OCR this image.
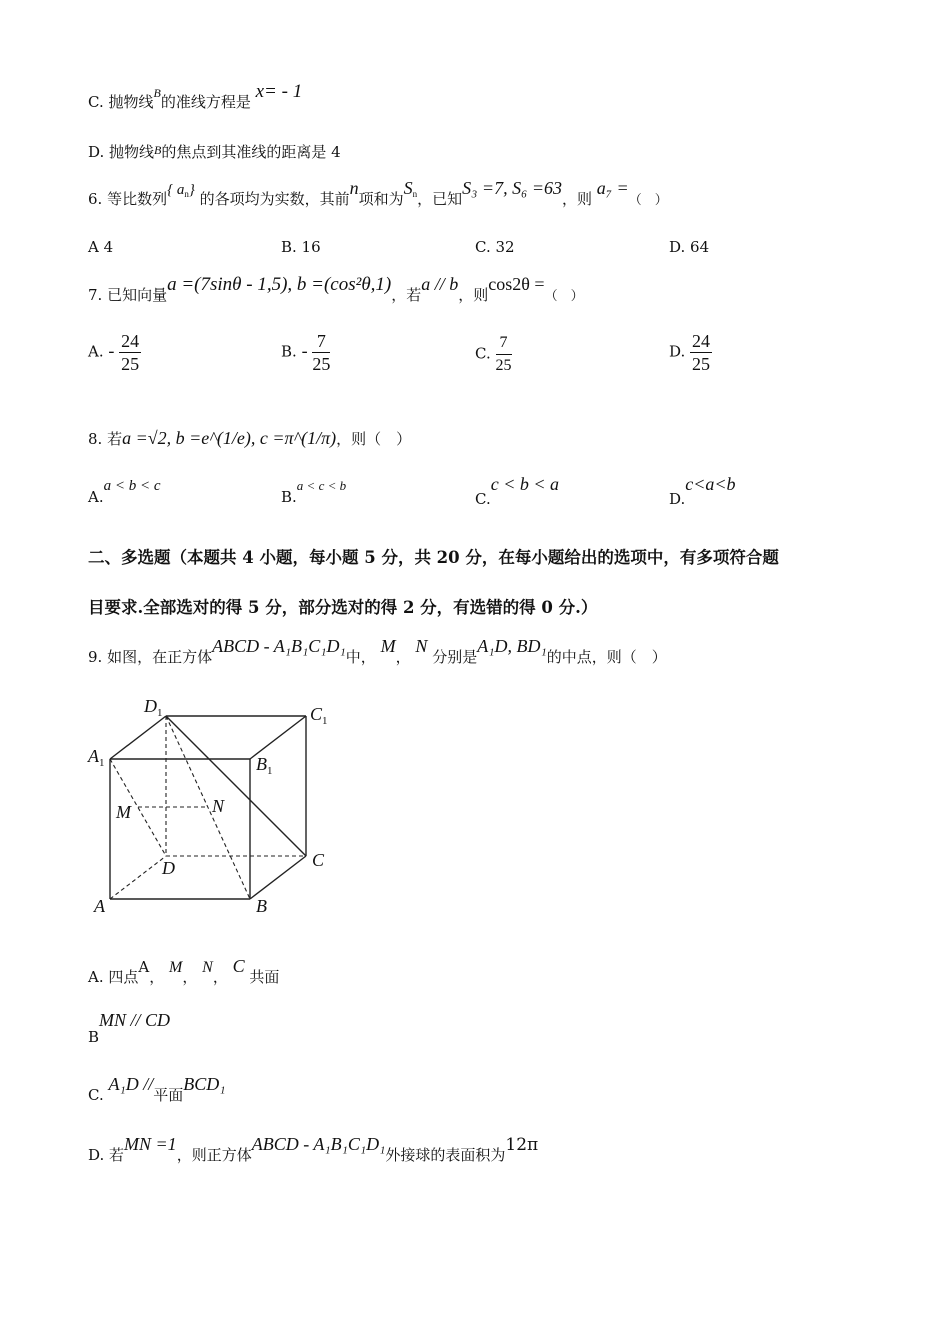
C. 抛物线$^B$的准线方程是 x= - 1
D. 抛物线$^B$的焦点到其准线的距离是 4
6. 等比数列{ $a_n$} 的各项均为实数，其前n项和为$S_n$，已知S₃ =7, S₆ =63，则 a₇ =（　）
A 4	B. 16	C. 32	D. 64
7. 已知向量a =(7sinθ - 1,5), b =(cos²θ,1)，若a // b，则cos2θ =（　）
A. - $\frac{24}{25}$	B. - $\frac{7}{25}$	C. $\frac{7}{25}$	D. $\frac{24}{25}$
8. 若a =√2, b =e^(1/e), c =π^(1/π)，则（　）
A.a < b < c
B.a < c < b
C.c < b < a
D.c<a<b
二、多选题（本题共 4 小题，每小题 5 分，共 20 分，在每小题给出的选项中，有多项符合题
目要求.全部选对的得 5 分，部分选对的得 2 分，有选错的得 0 分.）
9. 如图，在正方体ABCD - A₁B₁C₁D₁中， M， N 分别是A₁D, BD₁的中点，则（　）
$D_1$	$C_1$
$A_1$	$B_1$
M	N
D	C
A	B
A. 四点A， M， N， C 共面
BMN // CD
C. A₁D //平面BCD₁
D. 若MN =1，则正方体ABCD - A₁B₁C₁D₁外接球的表面积为12π
